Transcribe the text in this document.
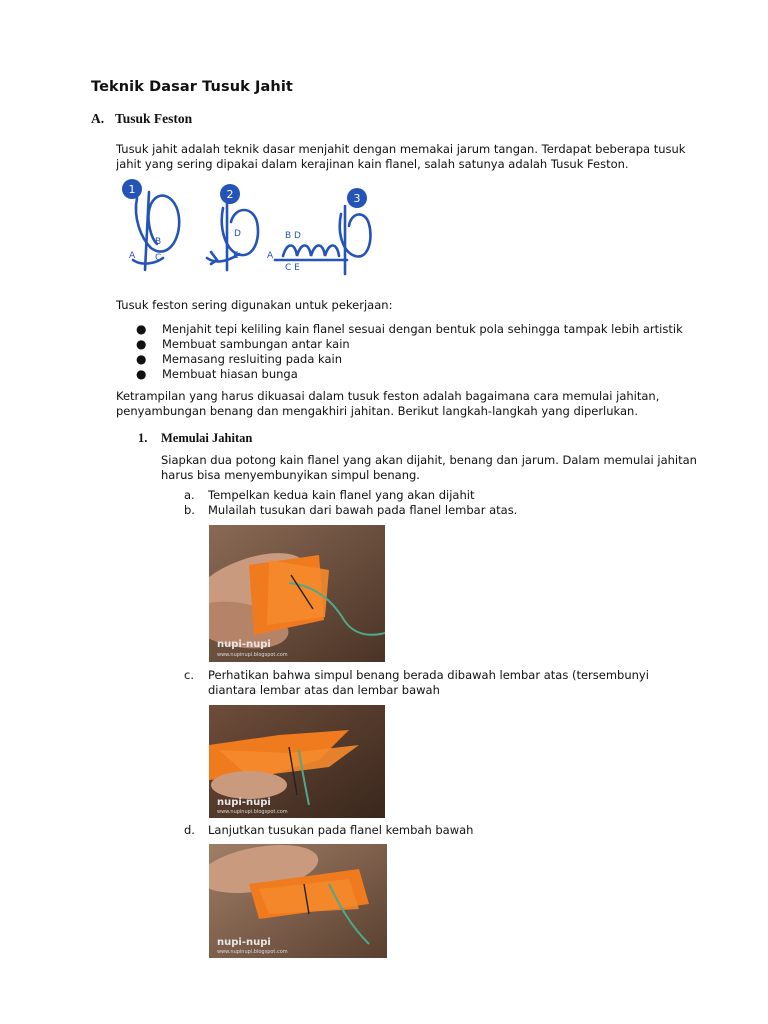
Teknik Dasar Tusuk Jahit
A. Tusuk Feston
Tusuk jahit adalah teknik dasar menjahit dengan memakai jarum tangan. Terdapat beberapa tusuk
jahit yang sering dipakai dalam kerajinan kain flanel, salah satunya adalah Tusuk Feston.
1	2	3
A
B
C
D
E
B D
A
C E
Tusuk feston sering digunakan untuk pekerjaan:
● Menjahit tepi keliling kain flanel sesuai dengan bentuk pola sehingga tampak lebih artistik
● Membuat sambungan antar kain
● Memasang resluiting pada kain
● Membuat hiasan bunga
Ketrampilan yang harus dikuasai dalam tusuk feston adalah bagaimana cara memulai jahitan,
penyambungan benang dan mengakhiri jahitan. Berikut langkah-langkah yang diperlukan.
1. Memulai Jahitan
Siapkan dua potong kain flanel yang akan dijahit, benang dan jarum. Dalam memulai jahitan
harus bisa menyembunyikan simpul benang.
a. Tempelkan kedua kain flanel yang akan dijahit
b. Mulailah tusukan dari bawah pada flanel lembar atas.
nupi-nupi
www.nupinupi.blogspot.com
c. Perhatikan bahwa simpul benang berada dibawah lembar atas (tersembunyi
diantara lembar atas dan lembar bawah
nupi-nupi
www.nupinupi.blogspot.com
d. Lanjutkan tusukan pada flanel kembah bawah
nupi-nupi
www.nupinupi.blogspot.com
